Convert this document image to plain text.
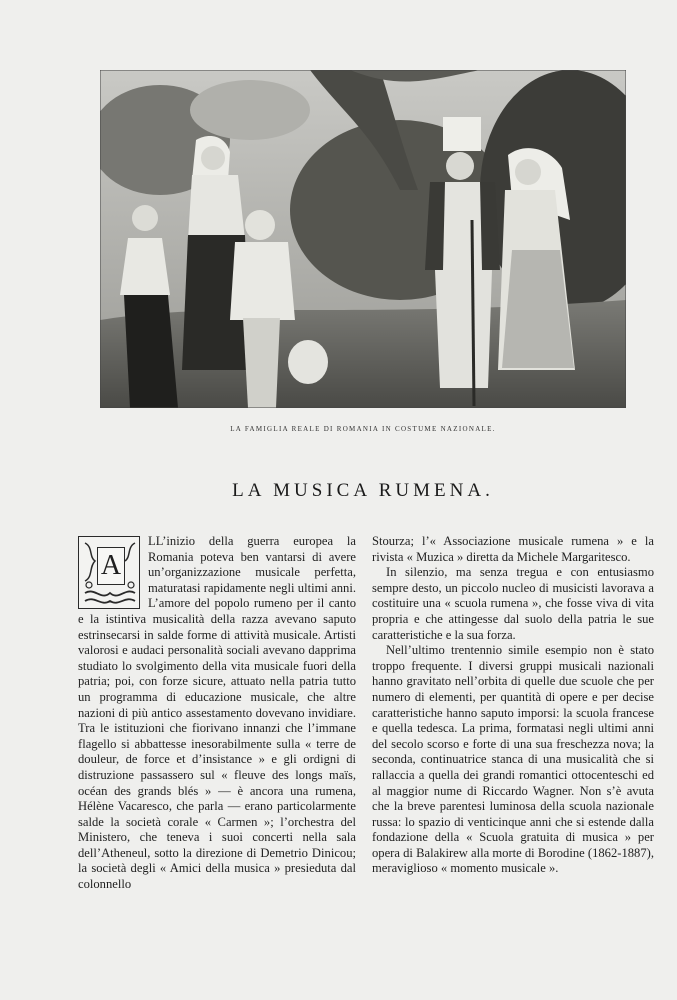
LA FAMIGLIA REALE DI ROMANIA IN COSTUME NAZIONALE.
LA MUSICA RUMENA.
A

LL’inizio della guerra europea la Romania poteva ben vantarsi di avere un’organizzazione musicale perfetta, maturatasi rapidamente negli ultimi anni. L’amore del popolo rumeno per il canto e la istintiva musicalità della razza avevano saputo estrinsecarsi in salde forme di attività musicale. Artisti valorosi e audaci personalità sociali avevano dapprima studiato lo svolgimento della vita musicale fuori della patria; poi, con forze sicure, attuato nella patria tutto un programma di educazione musicale, che altre nazioni di più antico assestamento dovevano invidiare. Tra le istituzioni che fiorivano innanzi che l’immane flagello si abbattesse inesorabilmente sulla « terre de douleur, de force et d’insistance » e gli ordigni di distruzione passassero sul « fleuve des longs maïs, océan des grands blés » — è ancora una rumena, Hélène Vacaresco, che parla — erano particolarmente salde la società corale « Carmen »; l’orchestra del Ministero, che teneva i suoi concerti nella sala dell’Atheneul, sotto la direzione di Demetrio Dinicou; la società degli « Amici della musica » presieduta dal colonnello

Stourza; l’« Associazione musicale rumena » e la rivista « Muzica » diretta da Michele Margaritesco.

In silenzio, ma senza tregua e con entusiasmo sempre desto, un piccolo nucleo di musicisti lavorava a costituire una « scuola rumena », che fosse viva di vita propria e che attingesse dal suolo della patria le sue caratteristiche e la sua forza.

Nell’ultimo trentennio simile esempio non è stato troppo frequente. I diversi gruppi musicali nazionali hanno gravitato nell’orbita di quelle due scuole che per numero di elementi, per quantità di opere e per decise caratteristiche hanno saputo imporsi: la scuola francese e quella tedesca. La prima, formatasi negli ultimi anni del secolo scorso e forte di una sua freschezza nova; la seconda, continuatrice stanca di una musicalità che si rallaccia a quella dei grandi romantici ottocenteschi ed al maggior nume di Riccardo Wagner. Non s’è avuta che la breve parentesi luminosa della scuola nazionale russa: lo spazio di venticinque anni che si estende dalla fondazione della « Scuola gratuita di musica » per opera di Balakirew alla morte di Borodine (1862-1887), meraviglioso « momento musicale ».
